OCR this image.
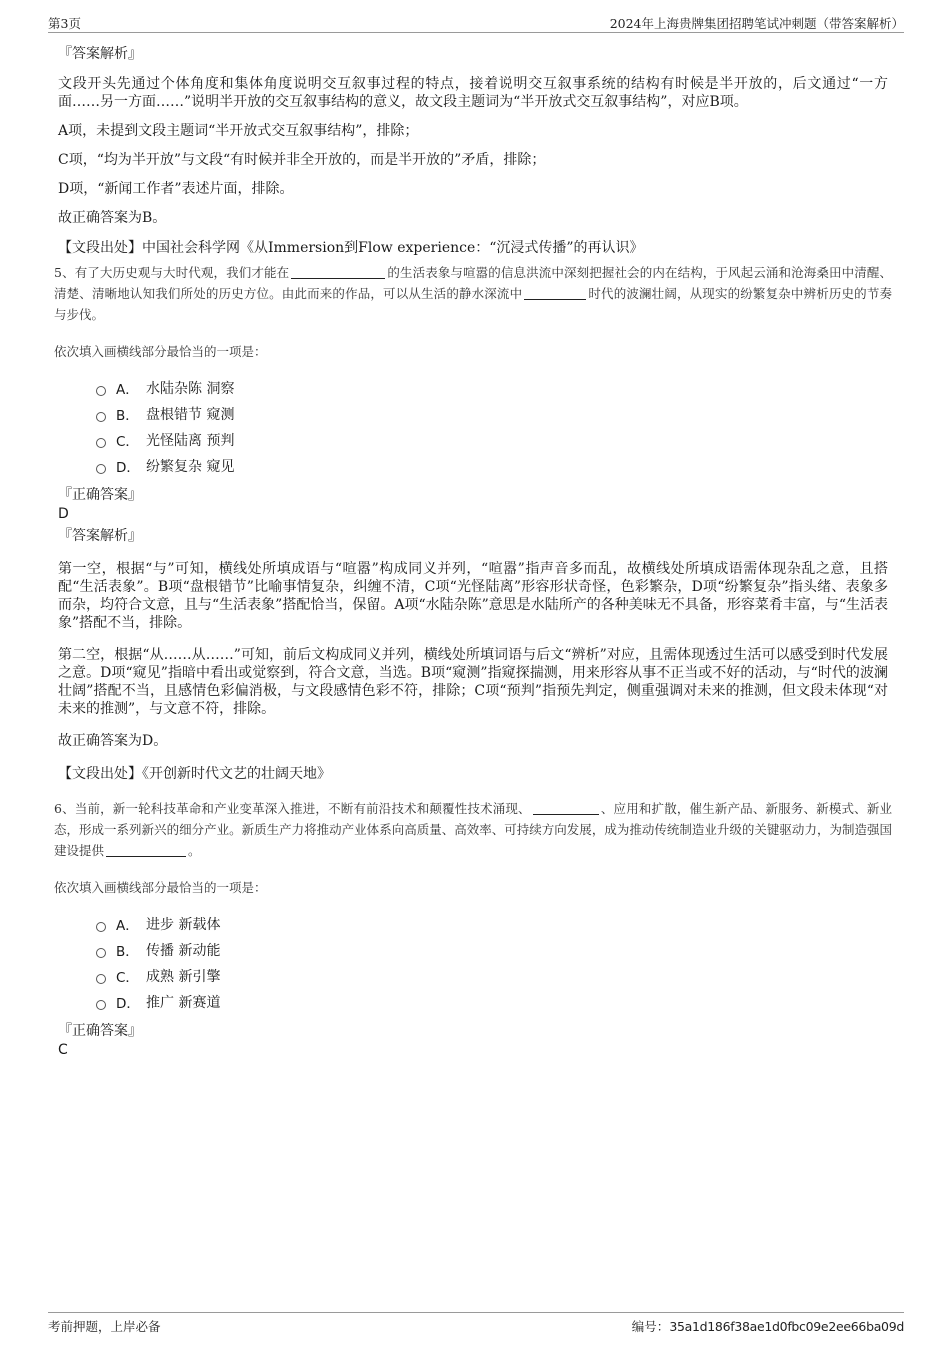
第3页	2024年上海贵牌集团招聘笔试冲刺题（带答案解析）

『答案解析』

文段开头先通过个体角度和集体角度说明交互叙事过程的特点，接着说明交互叙事系统的结构有时候是半开放的，后文通过“一方面……另一方面……”说明半开放的交互叙事结构的意义，故文段主题词为“半开放式交互叙事结构”，对应B项。

A项，未提到文段主题词“半开放式交互叙事结构”，排除；

C项，“均为半开放”与文段“有时候并非全开放的，而是半开放的”矛盾，排除；

D项，“新闻工作者”表述片面，排除。

故正确答案为B。

【文段出处】中国社会科学网《从Immersion到Flow experience：“沉浸式传播”的再认识》

5、有了大历史观与大时代观，我们才能在	的生活表象与喧嚣的信息洪流中深刻把握社会的内在结构，于风起云涌和沧海桑田中清醒、清楚、清晰地认知我们所处的历史方位。由此而来的作品，可以从生活的静水深流中	时代的波澜壮阔，从现实的纷繁复杂中辨析历史的节奏与步伐。

依次填入画横线部分最恰当的一项是：

A． 水陆杂陈 洞察
B． 盘根错节 窥测
C． 光怪陆离 预判
D． 纷繁复杂 窥见

『正确答案』

D

『答案解析』

第一空，根据“与”可知，横线处所填成语与“喧嚣”构成同义并列，“喧嚣”指声音多而乱，故横线处所填成语需体现杂乱之意，且搭配“生活表象”。B项“盘根错节”比喻事情复杂，纠缠不清，C项“光怪陆离”形容形状奇怪，色彩繁杂，D项“纷繁复杂”指头绪、表象多而杂，均符合文意，且与“生活表象”搭配恰当，保留。A项“水陆杂陈”意思是水陆所产的各种美味无不具备，形容菜肴丰富，与“生活表象”搭配不当，排除。

第二空，根据“从……从……”可知，前后文构成同义并列，横线处所填词语与后文“辨析”对应，且需体现透过生活可以感受到时代发展之意。D项“窥见”指暗中看出或觉察到，符合文意，当选。B项“窥测”指窥探揣测，用来形容从事不正当或不好的活动，与“时代的波澜壮阔”搭配不当，且感情色彩偏消极，与文段感情色彩不符，排除；C项“预判”指预先判定，侧重强调对未来的推测，但文段未体现“对未来的推测”，与文意不符，排除。

故正确答案为D。

【文段出处】《开创新时代文艺的壮阔天地》

6、当前，新一轮科技革命和产业变革深入推进，不断有前沿技术和颠覆性技术涌现、	、应用和扩散，催生新产品、新服务、新模式、新业态，形成一系列新兴的细分产业。新质生产力将推动产业体系向高质量、高效率、可持续方向发展，成为推动传统制造业升级的关键驱动力，为制造强国建设提供	。

依次填入画横线部分最恰当的一项是：

A． 进步 新载体
B． 传播 新动能
C． 成熟 新引擎
D． 推广 新赛道

『正确答案』

C

考前押题，上岸必备	编号：35a1d186f38ae1d0fbc09e2ee66ba09d
